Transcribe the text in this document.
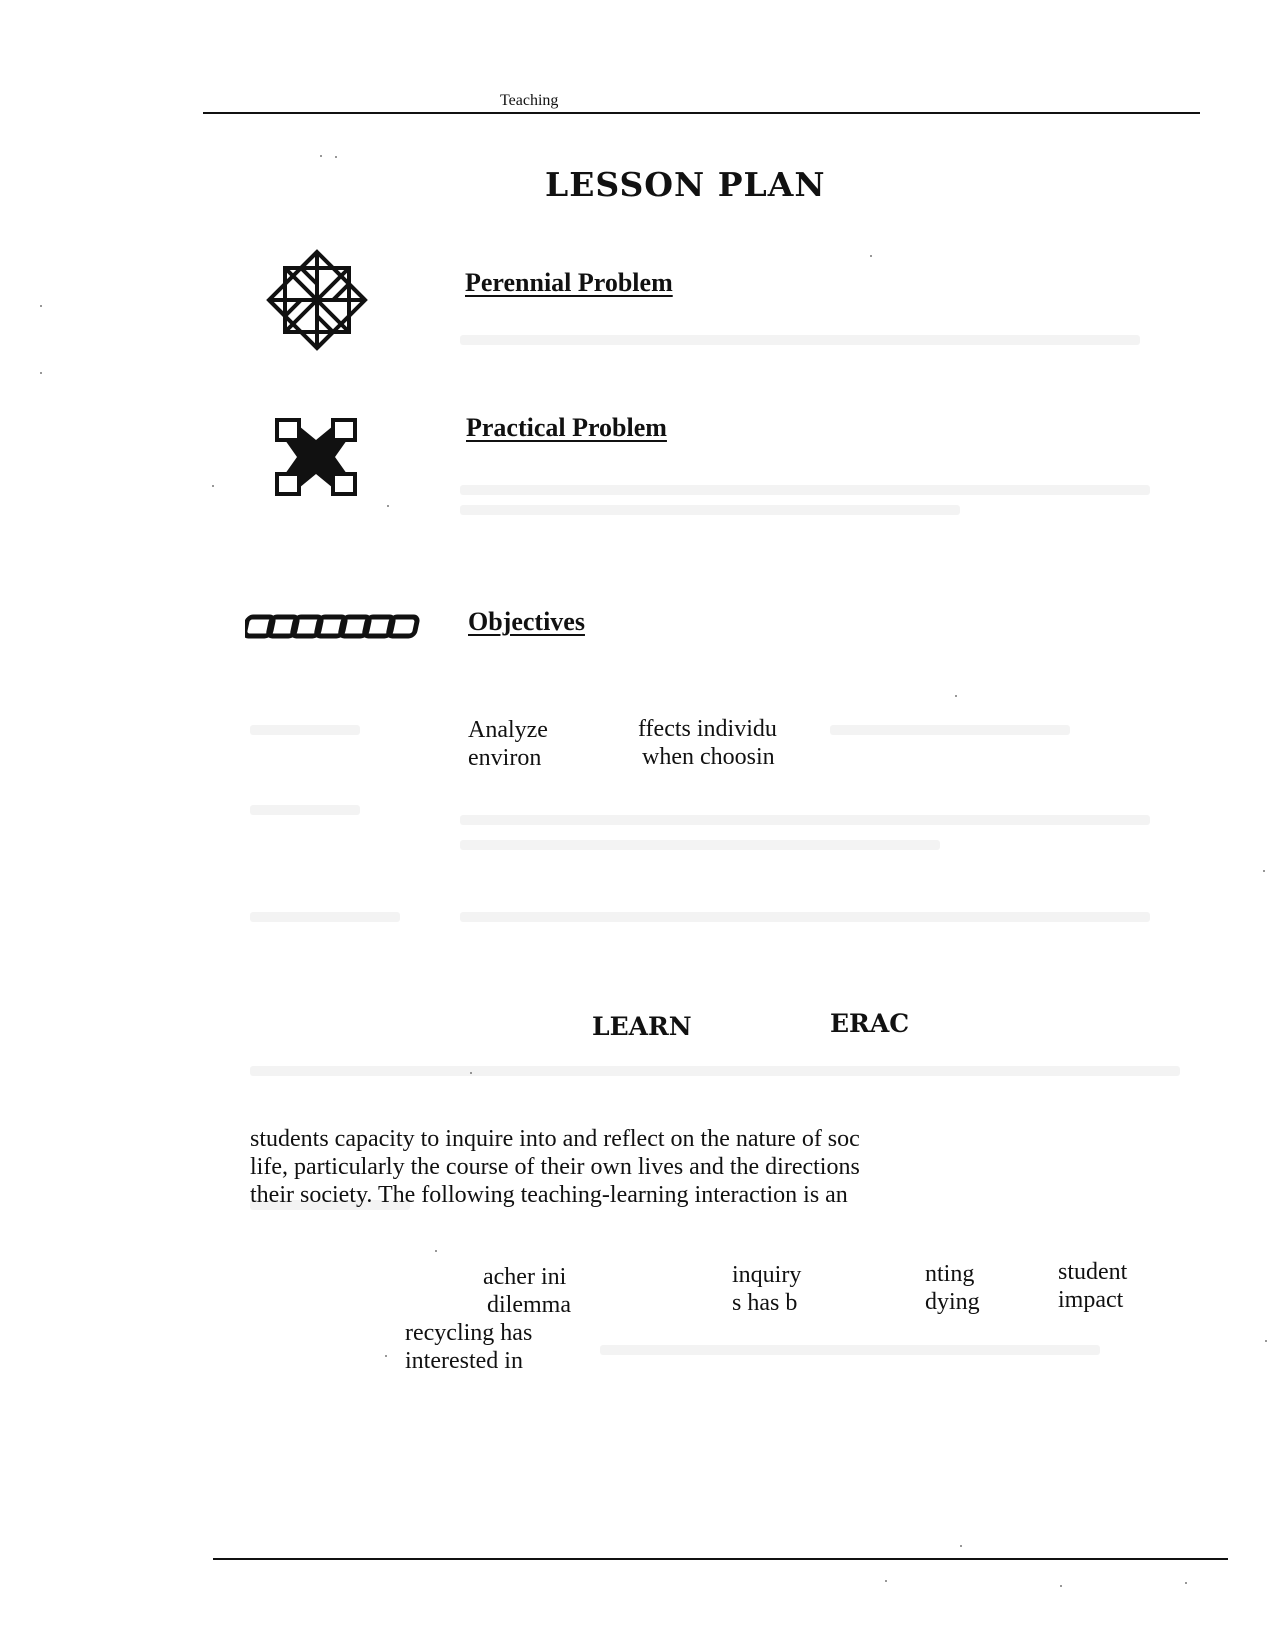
Teaching
LESSON PLAN
Perennial Problem
Practical Problem
Objectives
Analyze
environ
ffects individu
when choosin
LEARN	ERAC
students capacity to inquire into and reflect on the nature of soc
life, particularly the course of their own lives and the directions
their society. The following teaching-learning interaction is an
acher ini
dilemma
recycling has
interested in
inquiry
s has b
nting
dying
student
impact
